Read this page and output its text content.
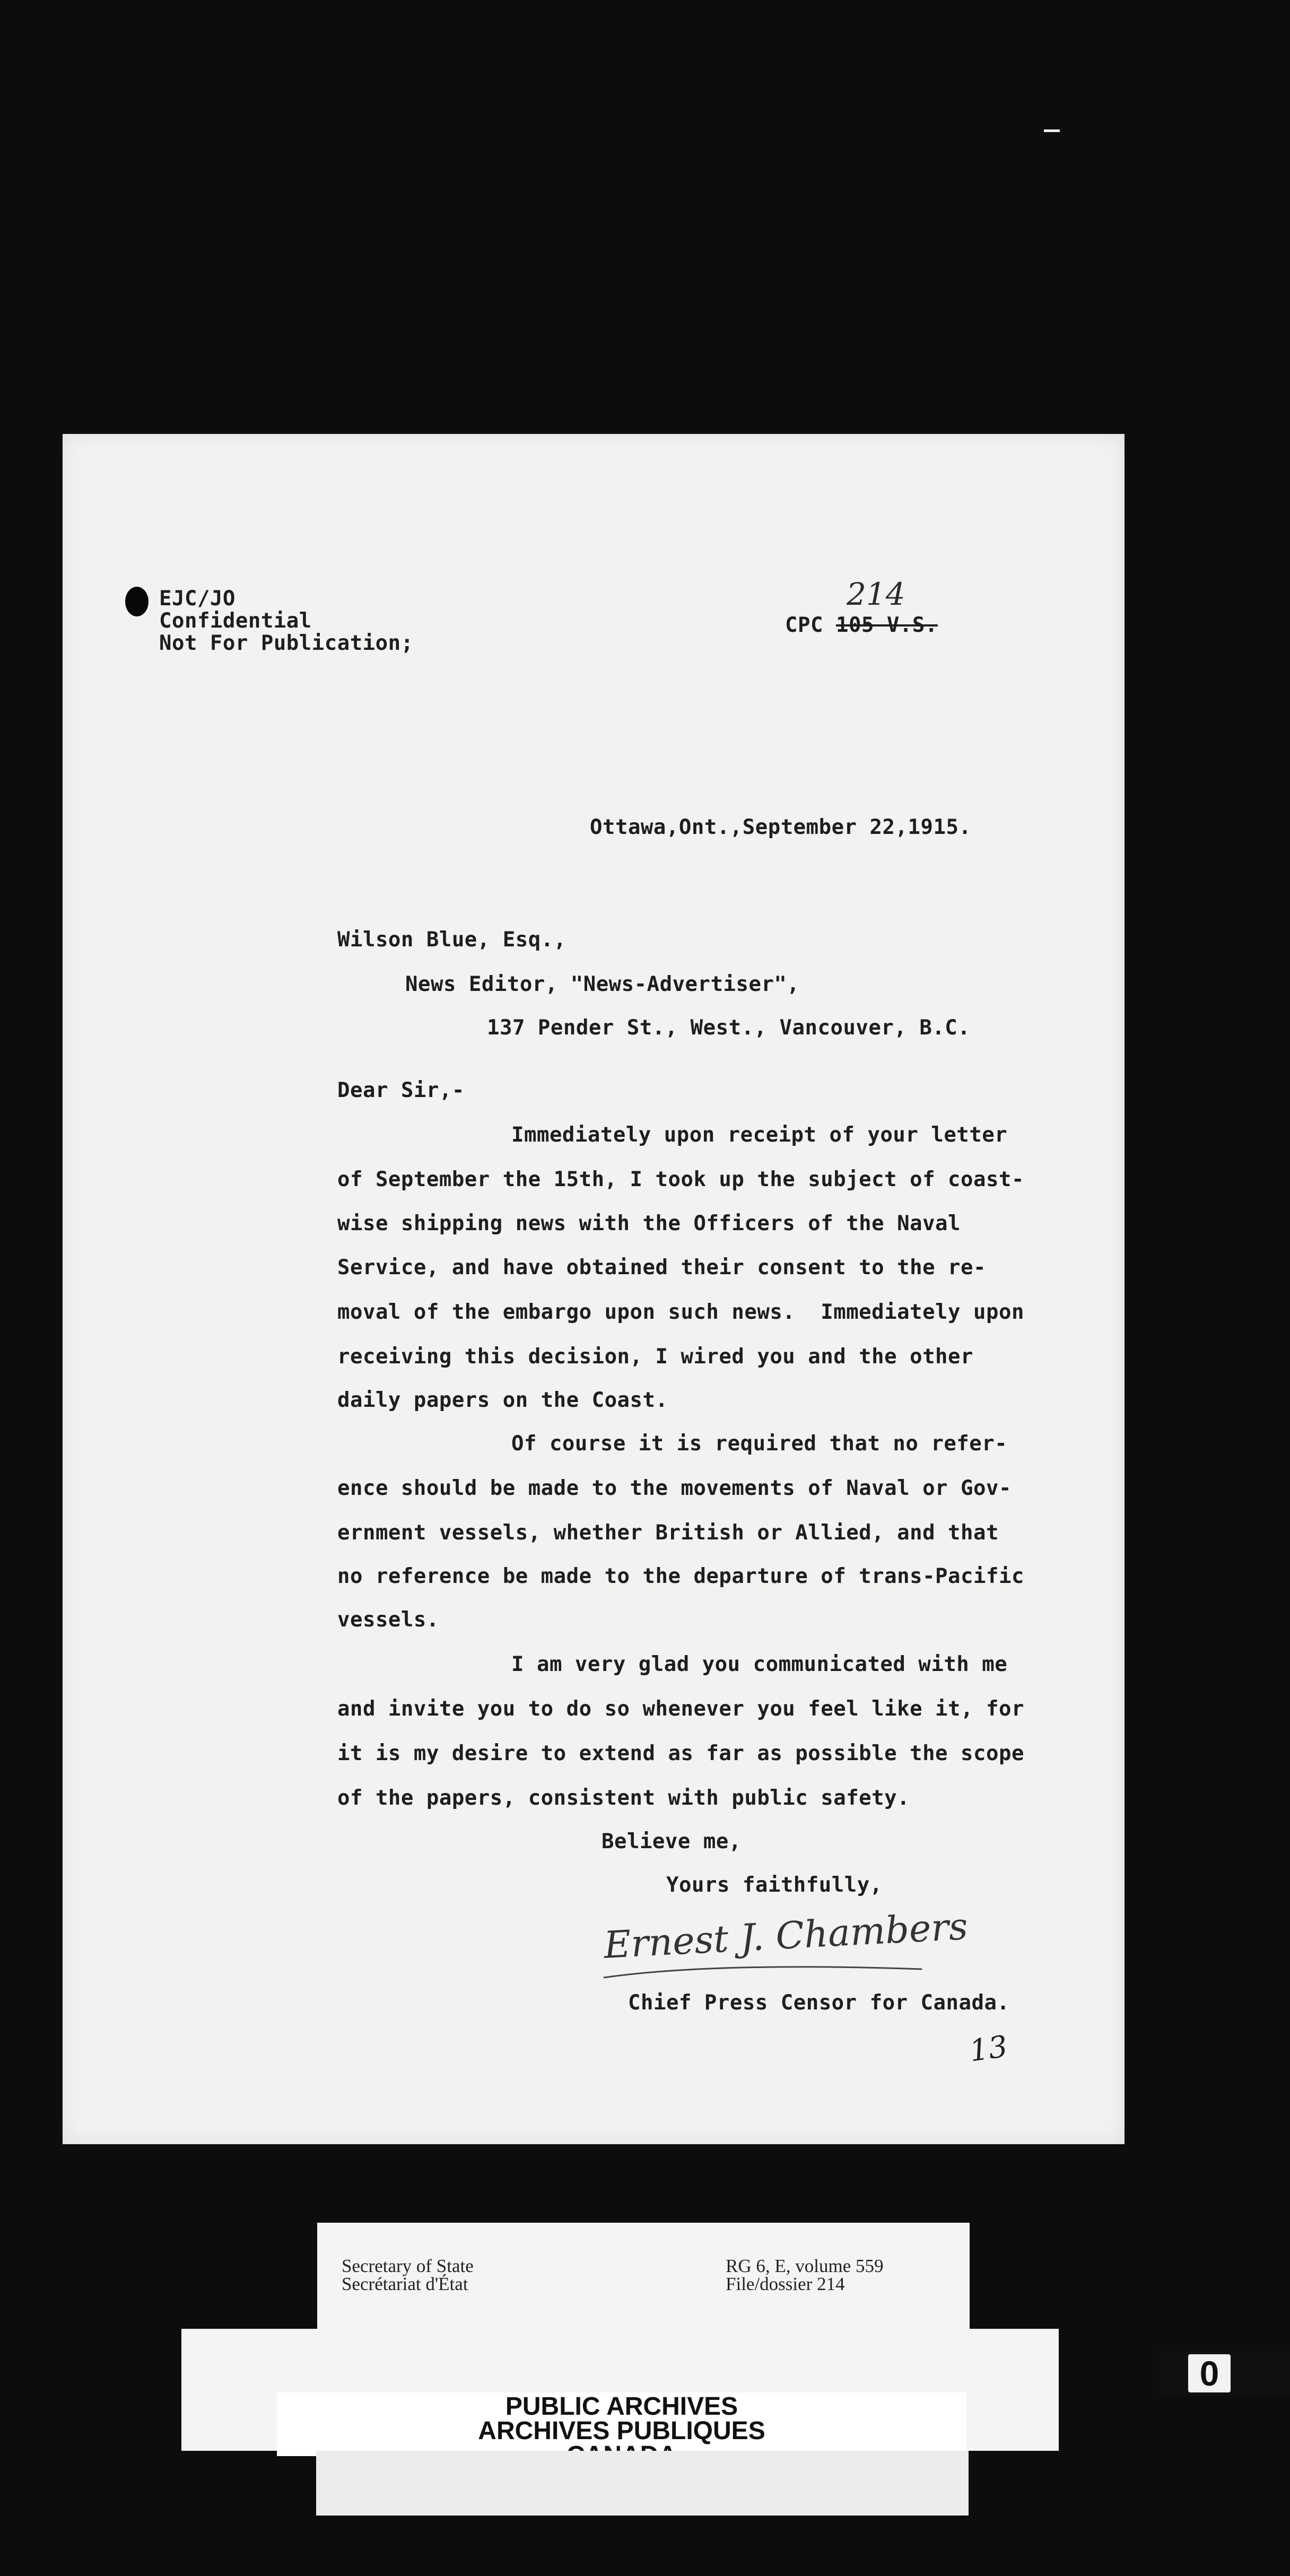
EJC/JO
Confidential
Not For Publication;
CPC 105 V.S.
214
Ottawa,Ont.,September 22,1915.
Wilson Blue, Esq.,
News Editor, "News-Advertiser",
137 Pender St., West., Vancouver, B.C.
Dear Sir,-
Immediately upon receipt of your letter
of September the 15th, I took up the subject of coast-
wise shipping news with the Officers of the Naval
Service, and have obtained their consent to the re-
moval of the embargo upon such news.  Immediately upon
receiving this decision, I wired you and the other
daily papers on the Coast.
Of course it is required that no refer-
ence should be made to the movements of Naval or Gov-
ernment vessels, whether British or Allied, and that
no reference be made to the departure of trans-Pacific
vessels.
I am very glad you communicated with me
and invite you to do so whenever you feel like it, for
it is my desire to extend as far as possible the scope
of the papers, consistent with public safety.
Believe me,
Yours faithfully,
Ernest J. Chambers
Chief Press Censor for Canada.
13
Secretary of State
Secrétariat d'État
RG 6, E, volume 559
File/dossier 214
PUBLIC ARCHIVES
ARCHIVES PUBLIQUES
0
